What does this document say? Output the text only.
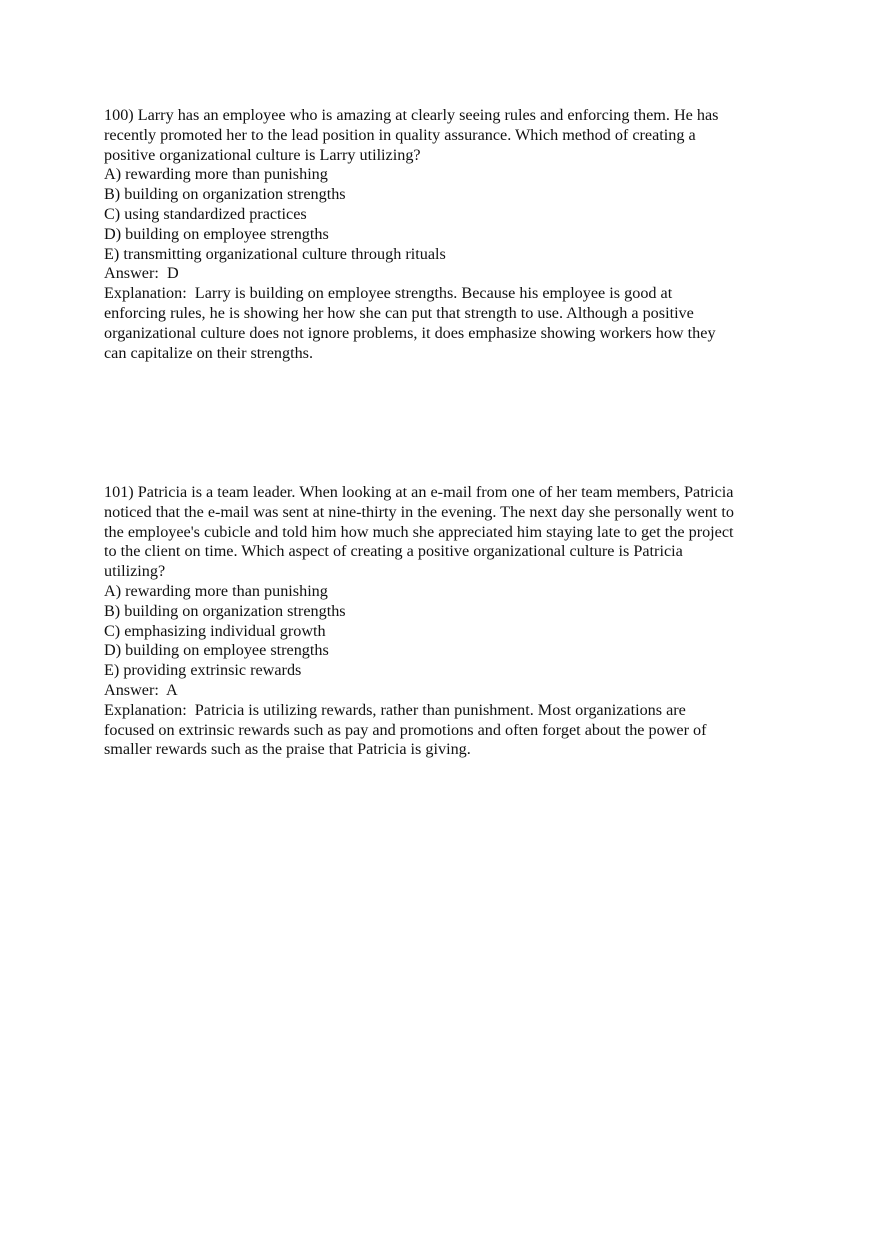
100) Larry has an employee who is amazing at clearly seeing rules and enforcing them. He has
recently promoted her to the lead position in quality assurance. Which method of creating a
positive organizational culture is Larry utilizing?
A) rewarding more than punishing
B) building on organization strengths
C) using standardized practices
D) building on employee strengths
E) transmitting organizational culture through rituals
Answer:  D
Explanation:  Larry is building on employee strengths. Because his employee is good at
enforcing rules, he is showing her how she can put that strength to use. Although a positive
organizational culture does not ignore problems, it does emphasize showing workers how they
can capitalize on their strengths.
101) Patricia is a team leader. When looking at an e-mail from one of her team members, Patricia
noticed that the e-mail was sent at nine-thirty in the evening. The next day she personally went to
the employee's cubicle and told him how much she appreciated him staying late to get the project
to the client on time. Which aspect of creating a positive organizational culture is Patricia
utilizing?
A) rewarding more than punishing
B) building on organization strengths
C) emphasizing individual growth
D) building on employee strengths
E) providing extrinsic rewards
Answer:  A
Explanation:  Patricia is utilizing rewards, rather than punishment. Most organizations are
focused on extrinsic rewards such as pay and promotions and often forget about the power of
smaller rewards such as the praise that Patricia is giving.
